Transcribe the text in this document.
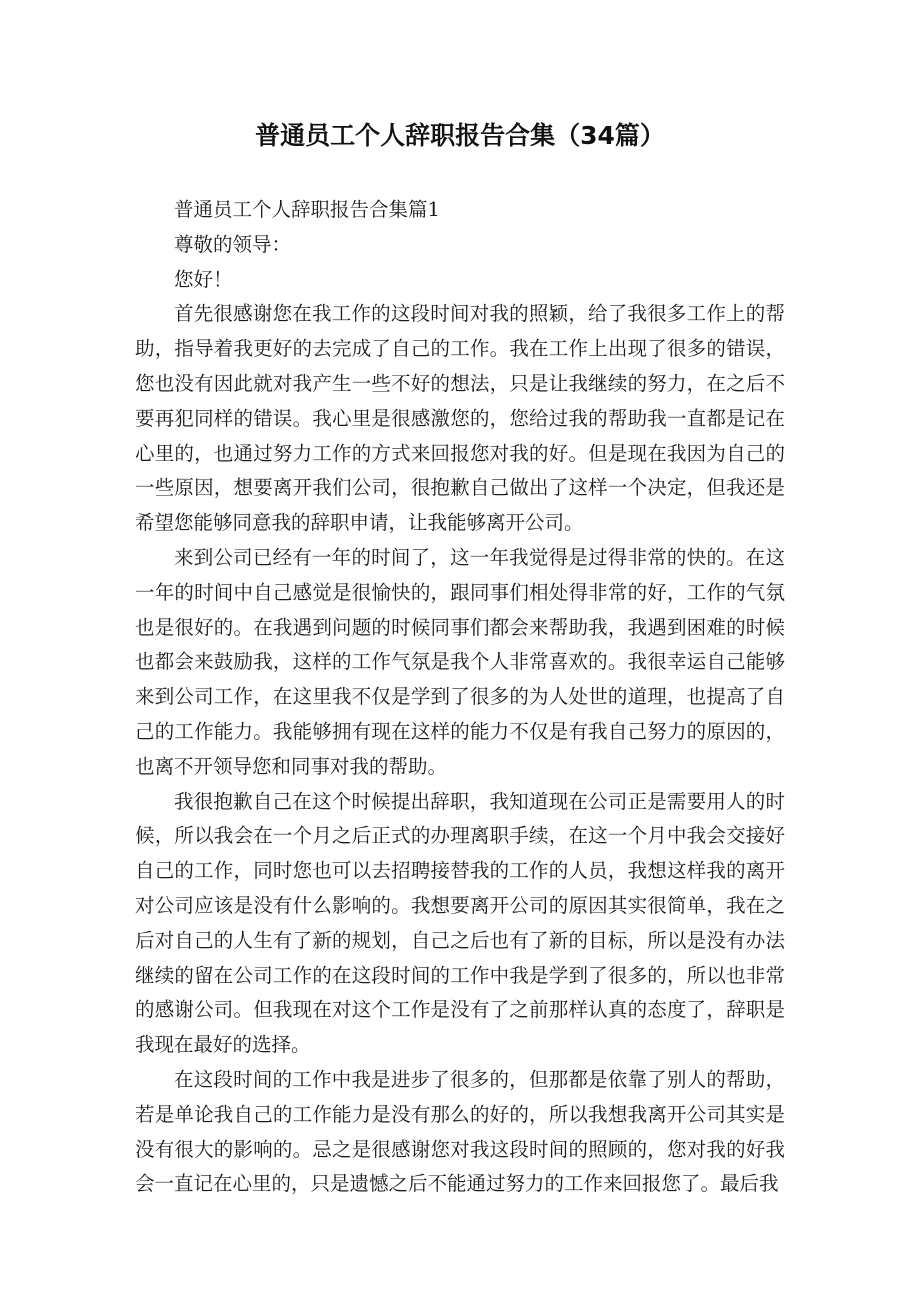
普通员工个人辞职报告合集（34篇）

普通员工个人辞职报告合集篇1

尊敬的领导：

您好！

首先很感谢您在我工作的这段时间对我的照颖，给了我很多工作上的帮助，指导着我更好的去完成了自己的工作。我在工作上出现了很多的错误，您也没有因此就对我产生一些不好的想法，只是让我继续的努力，在之后不要再犯同样的错误。我心里是很感激您的，您给过我的帮助我一直都是记在心里的，也通过努力工作的方式来回报您对我的好。但是现在我因为自己的一些原因，想要离开我们公司，很抱歉自己做出了这样一个决定，但我还是希望您能够同意我的辞职申请，让我能够离开公司。

来到公司已经有一年的时间了，这一年我觉得是过得非常的快的。在这一年的时间中自己感觉是很愉快的，跟同事们相处得非常的好，工作的气氛也是很好的。在我遇到问题的时候同事们都会来帮助我，我遇到困难的时候也都会来鼓励我，这样的工作气氛是我个人非常喜欢的。我很幸运自己能够来到公司工作，在这里我不仅是学到了很多的为人处世的道理，也提高了自己的工作能力。我能够拥有现在这样的能力不仅是有我自己努力的原因的，也离不开领导您和同事对我的帮助。

我很抱歉自己在这个时候提出辞职，我知道现在公司正是需要用人的时候，所以我会在一个月之后正式的办理离职手续，在这一个月中我会交接好自己的工作，同时您也可以去招聘接替我的工作的人员，我想这样我的离开对公司应该是没有什么影响的。我想要离开公司的原因其实很简单，我在之后对自己的人生有了新的规划，自己之后也有了新的目标，所以是没有办法继续的留在公司工作的在这段时间的工作中我是学到了很多的，所以也非常的感谢公司。但我现在对这个工作是没有了之前那样认真的态度了，辞职是我现在最好的选择。

在这段时间的工作中我是进步了很多的，但那都是依靠了别人的帮助，若是单论我自己的工作能力是没有那么的好的，所以我想我离开公司其实是没有很大的影响的。忌之是很感谢您对我这段时间的照顾的，您对我的好我会一直记在心里的，只是遗憾之后不能通过努力的工作来回报您了。最后我
